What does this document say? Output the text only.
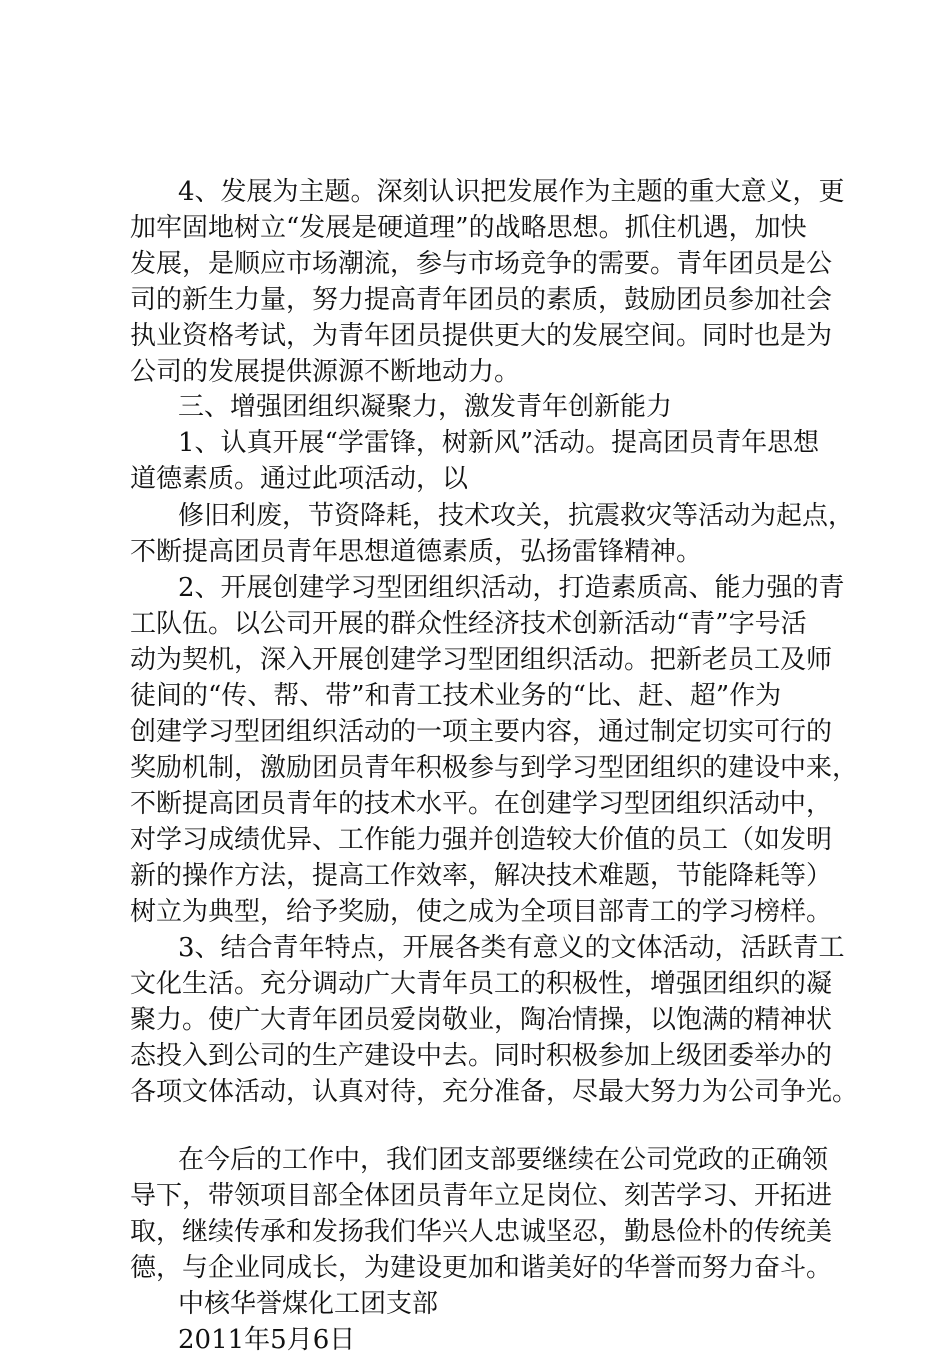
4、发展为主题。深刻认识把发展作为主题的重大意义，更
加牢固地树立“发展是硬道理”的战略思想。抓住机遇，加快
发展，是顺应市场潮流，参与市场竞争的需要。青年团员是公
司的新生力量，努力提高青年团员的素质，鼓励团员参加社会
执业资格考试，为青年团员提供更大的发展空间。同时也是为
公司的发展提供源源不断地动力。
三、增强团组织凝聚力，激发青年创新能力
1、认真开展“学雷锋，树新风”活动。提高团员青年思想
道德素质。通过此项活动，以
修旧利废，节资降耗，技术攻关，抗震救灾等活动为起点，
不断提高团员青年思想道德素质，弘扬雷锋精神。
2、开展创建学习型团组织活动，打造素质高、能力强的青
工队伍。以公司开展的群众性经济技术创新活动“青”字号活
动为契机，深入开展创建学习型团组织活动。把新老员工及师
徒间的“传、帮、带”和青工技术业务的“比、赶、超”作为
创建学习型团组织活动的一项主要内容，通过制定切实可行的
奖励机制，激励团员青年积极参与到学习型团组织的建设中来，
不断提高团员青年的技术水平。在创建学习型团组织活动中，
对学习成绩优异、工作能力强并创造较大价值的员工（如发明
新的操作方法，提高工作效率，解决技术难题，节能降耗等）
树立为典型，给予奖励，使之成为全项目部青工的学习榜样。
3、结合青年特点，开展各类有意义的文体活动，活跃青工
文化生活。充分调动广大青年员工的积极性，增强团组织的凝
聚力。使广大青年团员爱岗敬业，陶冶情操，以饱满的精神状
态投入到公司的生产建设中去。同时积极参加上级团委举办的
各项文体活动，认真对待，充分准备，尽最大努力为公司争光。
在今后的工作中，我们团支部要继续在公司党政的正确领
导下，带领项目部全体团员青年立足岗位、刻苦学习、开拓进
取，继续传承和发扬我们华兴人忠诚坚忍，勤恳俭朴的传统美
德，与企业同成长，为建设更加和谐美好的华誉而努力奋斗。
中核华誉煤化工团支部
2011年5月6日
